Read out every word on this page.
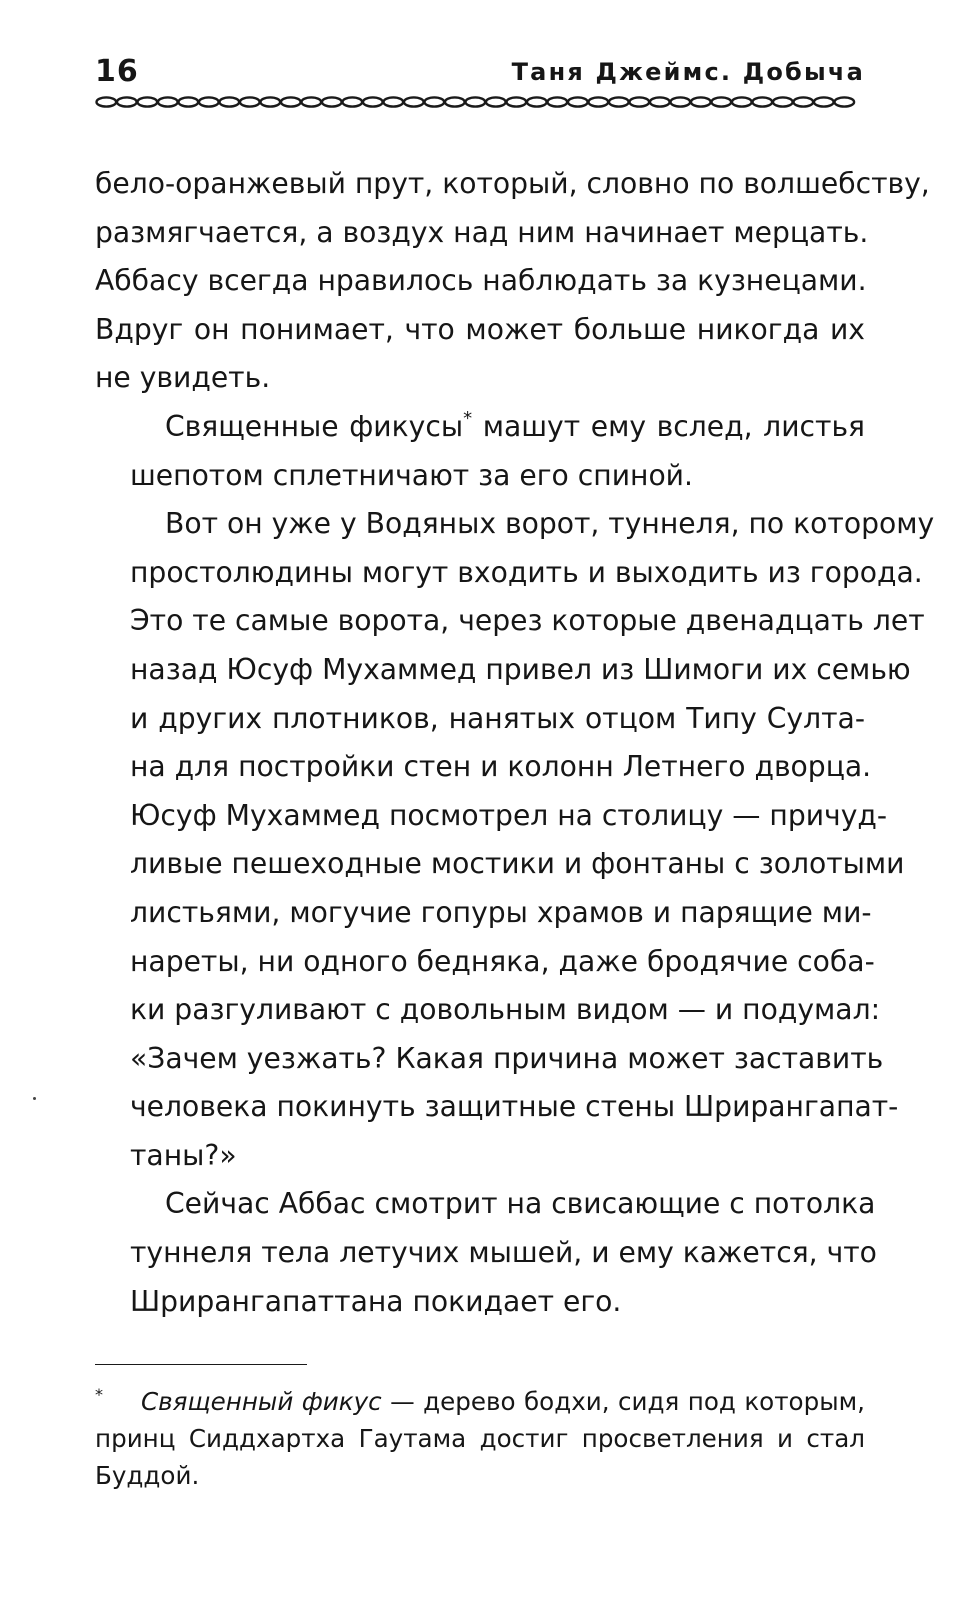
16	Таня Джеймс. Добыча

бело-оранжевый прут, который, словно по волшебству,
размягчается, а воздух над ним начинает мерцать.
Аббасу всегда нравилось наблюдать за кузнецами.
Вдруг он понимает, что может больше никогда их
не увидеть.

Священные фикусы* машут ему вслед, листья
шепотом сплетничают за его спиной.

Вот он уже у Водяных ворот, туннеля, по которому
простолюдины могут входить и выходить из города.
Это те самые ворота, через которые двенадцать лет
назад Юсуф Мухаммед привел из Шимоги их семью
и других плотников, нанятых отцом Типу Султа-
на для постройки стен и колонн Летнего дворца.
Юсуф Мухаммед посмотрел на столицу — причуд-
ливые пешеходные мостики и фонтаны с золотыми
листьями, могучие гопуры храмов и парящие ми-
нареты, ни одного бедняка, даже бродячие соба-
ки разгуливают с довольным видом — и подумал:
«Зачем уезжать? Какая причина может заставить
человека покинуть защитные стены Шрирангапат-
таны?»

Сейчас Аббас смотрит на свисающие с потолка
туннеля тела летучих мышей, и ему кажется, что
Шрирангапаттана покидает его.

* Священный фикус — дерево бодхи, сидя под которым,
принц Сиддхартха Гаутама достиг просветления и стал
Буддой.
